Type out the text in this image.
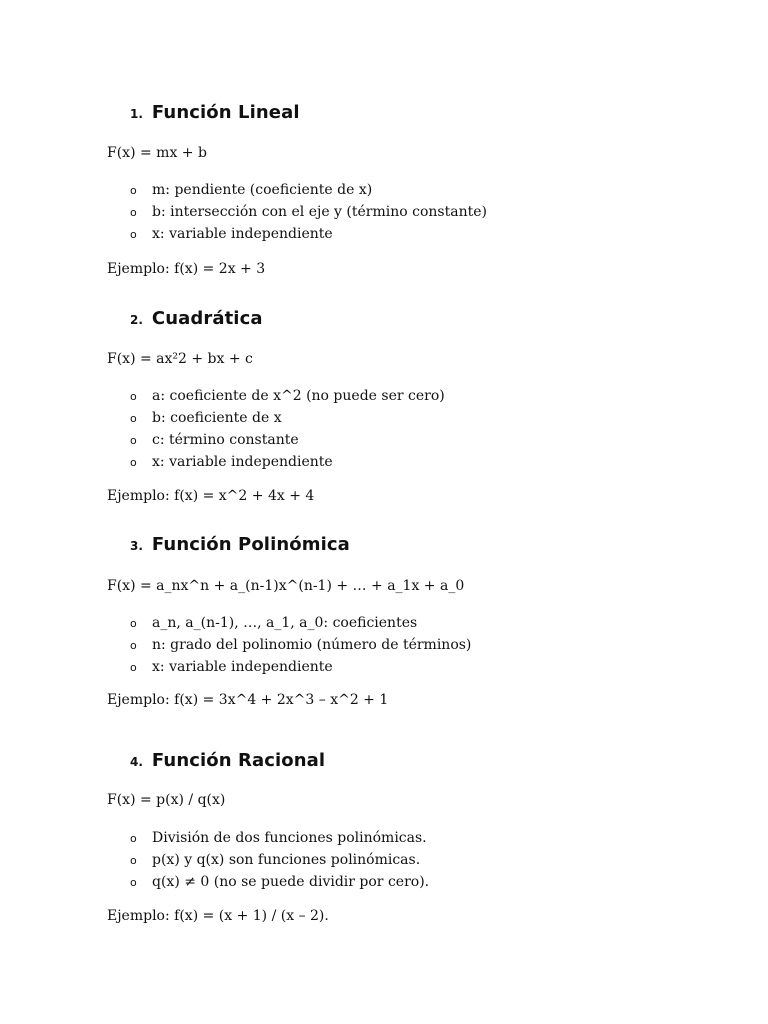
1. Función Lineal
F(x) = mx + b
o	m: pendiente (coeficiente de x)
o	b: intersección con el eje y (término constante)
o	x: variable independiente
Ejemplo: f(x) = 2x + 3
2. Cuadrática
F(x) = ax²2 + bx + c
o	a: coeficiente de x^2 (no puede ser cero)
o	b: coeficiente de x
o	c: término constante
o	x: variable independiente
Ejemplo: f(x) = x^2 + 4x + 4
3. Función Polinómica
F(x) = a_nx^n + a_(n-1)x^(n-1) + … + a_1x + a_0
o	a_n, a_(n-1), …, a_1, a_0: coeficientes
o	n: grado del polinomio (número de términos)
o	x: variable independiente
Ejemplo: f(x) = 3x^4 + 2x^3 – x^2 + 1
4. Función Racional
F(x) = p(x) / q(x)
o	División de dos funciones polinómicas.
o	p(x) y q(x) son funciones polinómicas.
o	q(x) ≠ 0 (no se puede dividir por cero).
Ejemplo: f(x) = (x + 1) / (x – 2).
